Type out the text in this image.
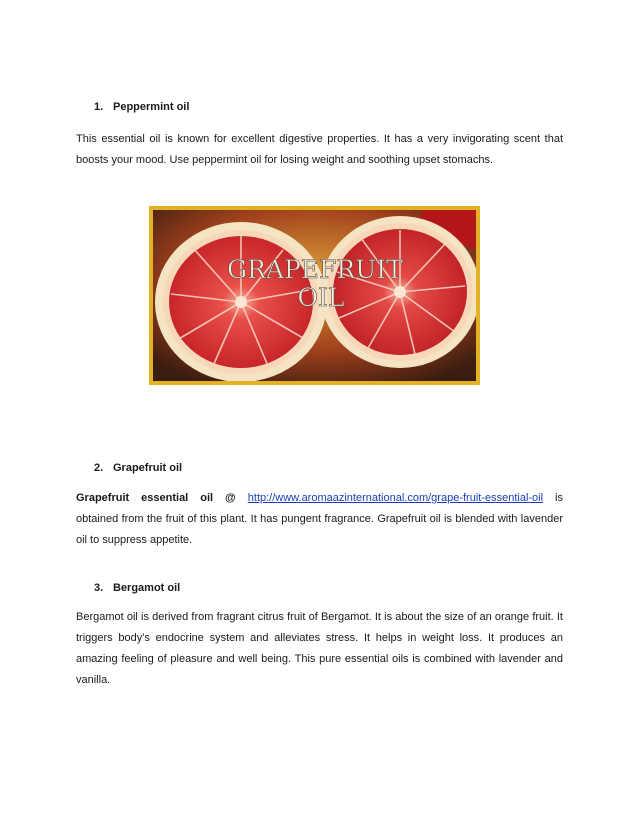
1. Peppermint oil

This essential oil is known for excellent digestive properties. It has a very invigorating scent that boosts your mood. Use peppermint oil for losing weight and soothing upset stomachs.

GRAPEFRUIT
OIL
2. Grapefruit oil

Grapefruit essential oil @ http://www.aromaazinternational.com/grape-fruit-essential-oil is obtained from the fruit of this plant. It has pungent fragrance. Grapefruit oil is blended with lavender oil to suppress appetite.

3. Bergamot oil

Bergamot oil is derived from fragrant citrus fruit of Bergamot. It is about the size of an orange fruit. It triggers body's endocrine system and alleviates stress. It helps in weight loss. It produces an amazing feeling of pleasure and well being. This pure essential oils is combined with lavender and vanilla.
